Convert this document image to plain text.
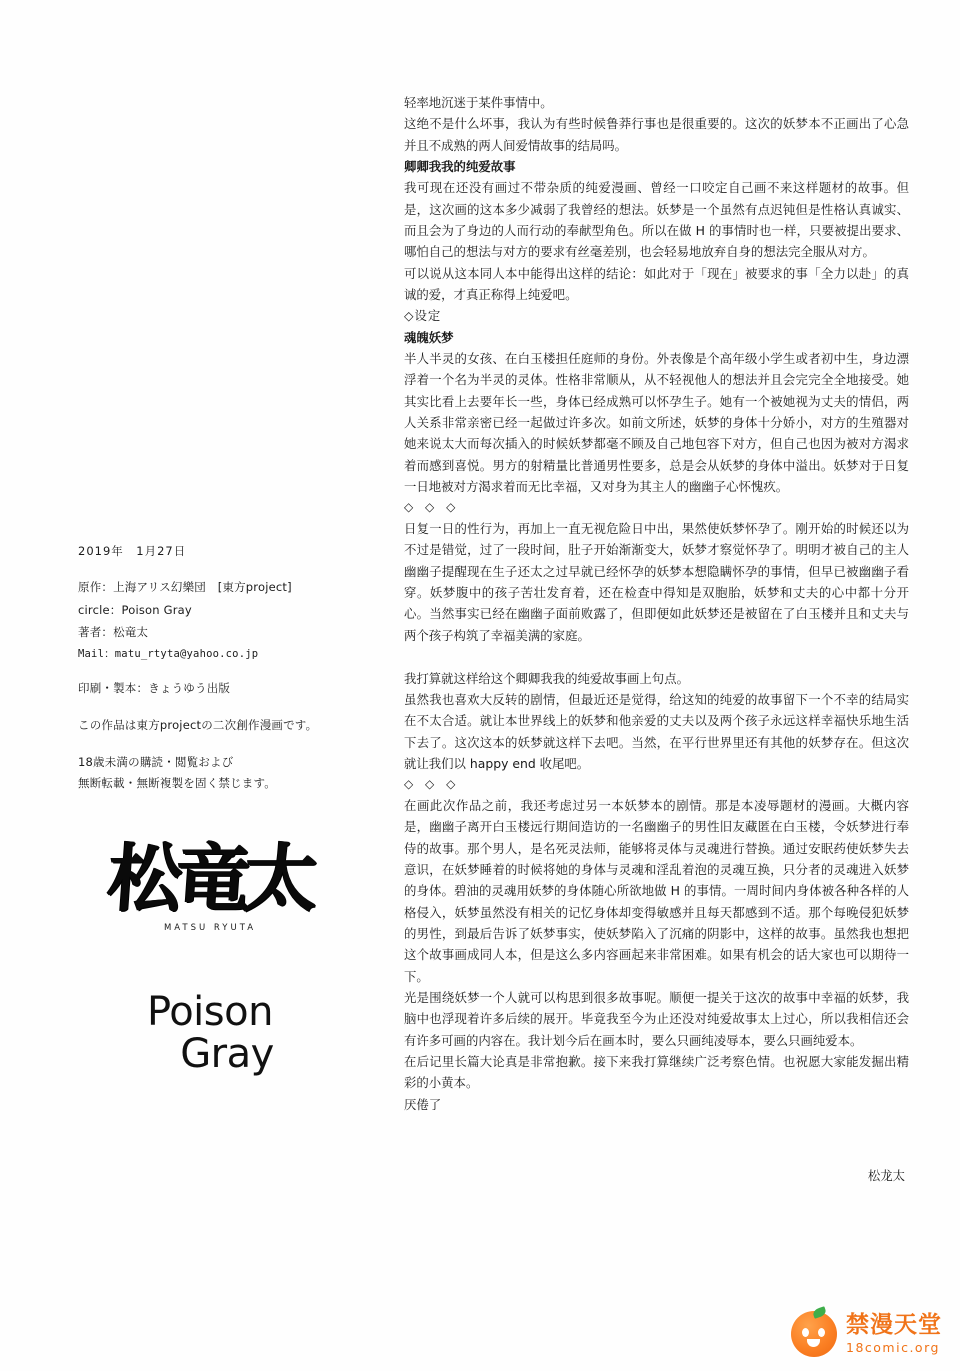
2019年　1月27日
原作：上海アリス幻樂団　[東方project]
circle：Poison Gray
著者：松竜太
Mail：matu_rtyta@yahoo.co.jp
印刷・製本：きょうゆう出版
この作品は東方projectの二次創作漫画です。
18歳未満の購読・閲覧および
無断転載・無断複製を固く禁じます。
松竜太
MATSU RYUTA
Poison
Gray

轻率地沉迷于某件事情中。

这绝不是什么坏事，我认为有些时候鲁莽行事也是很重要的。这次的妖梦本不正画出了心急并且不成熟的两人间爱情故事的结局吗。

卿卿我我的纯爱故事

我可现在还没有画过不带杂质的纯爱漫画、曾经一口咬定自己画不来这样题材的故事。但是，这次画的这本多少减弱了我曾经的想法。妖梦是一个虽然有点迟钝但是性格认真诚实、而且会为了身边的人而行动的奉献型角色。所以在做 H 的事情时也一样，只要被提出要求、哪怕自己的想法与对方的要求有丝毫差别，也会轻易地放弃自身的想法完全服从对方。

可以说从这本同人本中能得出这样的结论：如此对于「现在」被要求的事「全力以赴」的真诚的爱，才真正称得上纯爱吧。

◇设定

魂魄妖梦

半人半灵的女孩、在白玉楼担任庭师的身份。外表像是个高年级小学生或者初中生，身边漂浮着一个名为半灵的灵体。性格非常顺从，从不轻视他人的想法并且会完完全全地接受。她其实比看上去要年长一些，身体已经成熟可以怀孕生子。她有一个被她视为丈夫的情侣，两人关系非常亲密已经一起做过许多次。如前文所述，妖梦的身体十分娇小，对方的生殖器对她来说太大而每次插入的时候妖梦都毫不顾及自己地包容下对方，但自己也因为被对方渴求着而感到喜悦。男方的射精量比普通男性要多，总是会从妖梦的身体中溢出。妖梦对于日复一日地被对方渴求着而无比幸福，又对身为其主人的幽幽子心怀愧疚。

◇ ◇ ◇

日复一日的性行为，再加上一直无视危险日中出，果然使妖梦怀孕了。刚开始的时候还以为不过是错觉，过了一段时间，肚子开始渐渐变大，妖梦才察觉怀孕了。明明才被自己的主人幽幽子提醒现在生子还太之过早就已经怀孕的妖梦本想隐瞒怀孕的事情，但早已被幽幽子看穿。妖梦腹中的孩子苦壮发育着，还在检查中得知是双胞胎，妖梦和丈夫的心中都十分开心。当然事实已经在幽幽子面前败露了，但即便如此妖梦还是被留在了白玉楼并且和丈夫与两个孩子构筑了幸福美满的家庭。

我打算就这样给这个卿卿我我的纯爱故事画上句点。

虽然我也喜欢大反转的剧情，但最近还是觉得，给这知的纯爱的故事留下一个不幸的结局实在不太合适。就让本世界线上的妖梦和他亲爱的丈夫以及两个孩子永远这样幸福快乐地生活下去了。这次这本的妖梦就这样下去吧。当然，在平行世界里还有其他的妖梦存在。但这次就让我们以 happy end 收尾吧。

◇ ◇ ◇

在画此次作品之前，我还考虑过另一本妖梦本的剧情。那是本凌辱题材的漫画。大概内容是，幽幽子离开白玉楼远行期间造访的一名幽幽子的男性旧友藏匿在白玉楼，令妖梦进行奉侍的故事。那个男人，是名死灵法师，能够将灵体与灵魂进行替换。通过安眠药使妖梦失去意识，在妖梦睡着的时候将她的身体与灵魂和淫乱着泡的灵魂互换，只分者的灵魂进入妖梦的身体。碧油的灵魂用妖梦的身体随心所欲地做 H 的事情。一周时间内身体被各种各样的人格侵入，妖梦虽然没有相关的记忆身体却变得敏感并且每天都感到不适。那个每晚侵犯妖梦的男性，到最后告诉了妖梦事实，使妖梦陷入了沉痛的阴影中，这样的故事。虽然我也想把这个故事画成同人本，但是这么多内容画起来非常困难。如果有机会的话大家也可以期待一下。

光是围绕妖梦一个人就可以构思到很多故事呢。顺便一提关于这次的故事中幸福的妖梦，我脑中也浮现着许多后续的展开。毕竟我至今为止还没对纯爱故事太上过心，所以我相信还会有许多可画的内容在。我计划今后在画本时，要么只画纯凌辱本，要么只画纯爱本。

在后记里长篇大论真是非常抱歉。接下来我打算继续广泛考察色情。也祝愿大家能发掘出精彩的小黄本。

厌倦了

松龙太
禁漫天堂
18comic.org
